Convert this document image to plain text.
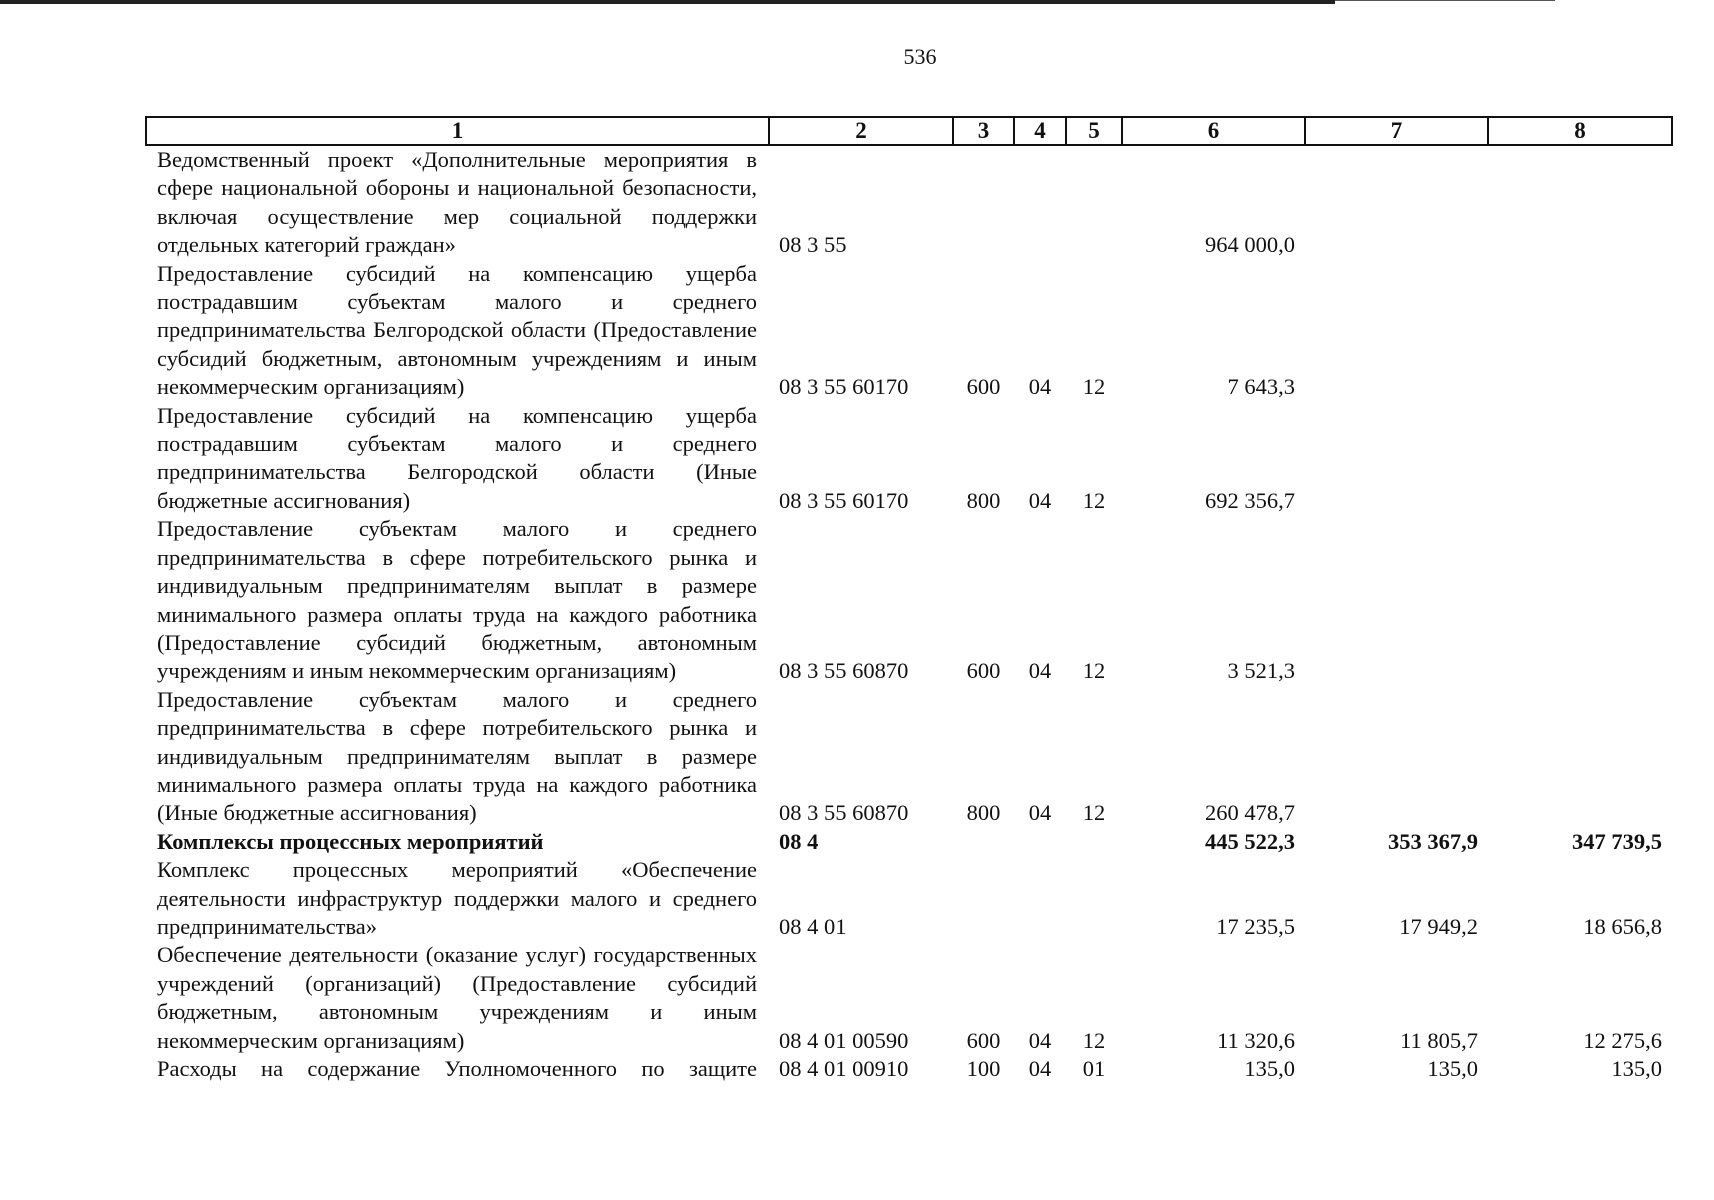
536
1	2	3	4	5	6	7	8
Ведомственный проект «Дополнительные мероприятия в сфере национальной обороны и национальной безопасности, включая осуществление мер социальной поддержки отдельных категорий граждан»	08 3 55				964 000,0		
Предоставление субсидий на компенсацию ущерба пострадавшим субъектам малого и среднего предпринимательства Белгородской области (Предоставление субсидий бюджетным, автономным учреждениям и иным некоммерческим организациям)	08 3 55 60170	600	04	12	7 643,3		
Предоставление субсидий на компенсацию ущерба пострадавшим субъектам малого и среднего предпринимательства Белгородской области (Иные бюджетные ассигнования)	08 3 55 60170	800	04	12	692 356,7		
Предоставление субъектам малого и среднего предпринимательства в сфере потребительского рынка и индивидуальным предпринимателям выплат в размере минимального размера оплаты труда на каждого работника (Предоставление субсидий бюджетным, автономным учреждениям и иным некоммерческим организациям)	08 3 55 60870	600	04	12	3 521,3		
Предоставление субъектам малого и среднего предпринимательства в сфере потребительского рынка и индивидуальным предпринимателям выплат в размере минимального размера оплаты труда на каждого работника (Иные бюджетные ассигнования)	08 3 55 60870	800	04	12	260 478,7		
Комплексы процессных мероприятий	08 4				445 522,3	353 367,9	347 739,5
Комплекс процессных мероприятий «Обеспечение деятельности инфраструктур поддержки малого и среднего предпринимательства»	08 4 01				17 235,5	17 949,2	18 656,8
Обеспечение деятельности (оказание услуг) государственных учреждений (организаций) (Предоставление субсидий бюджетным, автономным учреждениям и иным некоммерческим организациям)	08 4 01 00590	600	04	12	11 320,6	11 805,7	12 275,6
Расходы на содержание Уполномоченного по защите	08 4 01 00910	100	04	01	135,0	135,0	135,0
